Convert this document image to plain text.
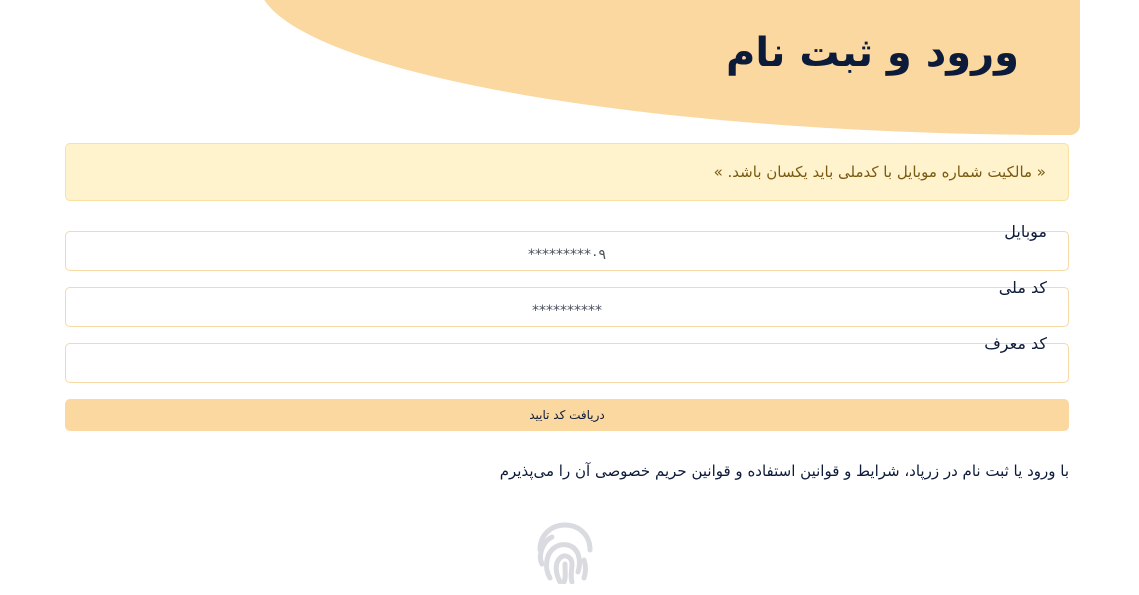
ورود و ثبت نام
« مالکیت شماره موبایل با کدملی باید یکسان باشد. »
۰۹*********
موبایل
**********
کد ملی
کد معرف
دریافت کد تایید

با ورود یا ثبت نام در زرپاد، شرایط و قوانین استفاده و قوانین حریم خصوصی آن را می‌پذیرم
